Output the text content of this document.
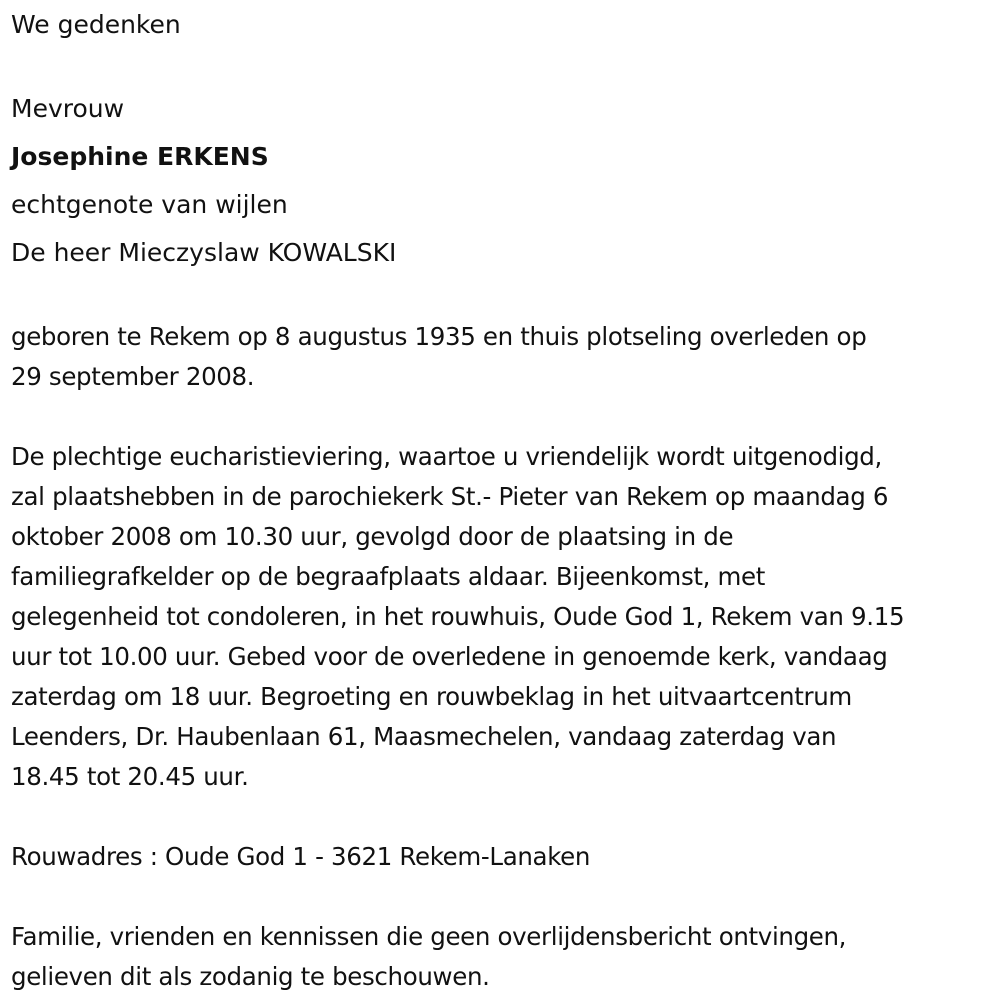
We gedenken
Mevrouw
Josephine ERKENS
echtgenote van wijlen
De heer Mieczyslaw KOWALSKI
geboren te Rekem op 8 augustus 1935 en thuis plotseling overleden op
29 september 2008.
De plechtige eucharistieviering, waartoe u vriendelijk wordt uitgenodigd,
zal plaatshebben in de parochiekerk St.- Pieter van Rekem op maandag 6
oktober 2008 om 10.30 uur, gevolgd door de plaatsing in de
familiegrafkelder op de begraafplaats aldaar. Bijeenkomst, met
gelegenheid tot condoleren, in het rouwhuis, Oude God 1, Rekem van 9.15
uur tot 10.00 uur. Gebed voor de overledene in genoemde kerk, vandaag
zaterdag om 18 uur. Begroeting en rouwbeklag in het uitvaartcentrum
Leenders, Dr. Haubenlaan 61, Maasmechelen, vandaag zaterdag van
18.45 tot 20.45 uur.
Rouwadres : Oude God 1 - 3621 Rekem-Lanaken
Familie, vrienden en kennissen die geen overlijdensbericht ontvingen,
gelieven dit als zodanig te beschouwen.
